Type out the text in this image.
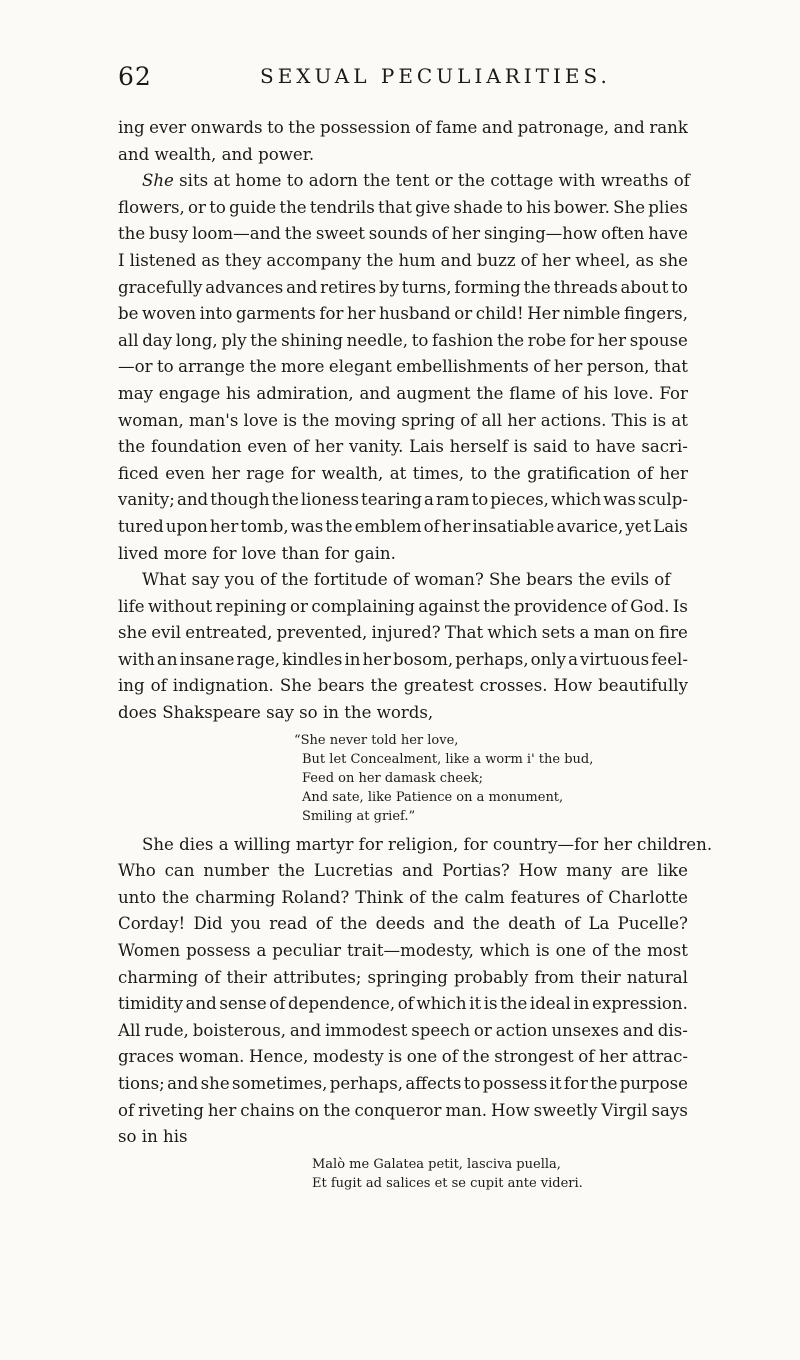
62	SEXUAL PECULIARITIES.
ing ever onwards to the possession of fame and patronage, and rank
and wealth, and power.
She sits at home to adorn the tent or the cottage with wreaths of
flowers, or to guide the tendrils that give shade to his bower. She plies
the busy loom—and the sweet sounds of her singing—how often have
I listened as they accompany the hum and buzz of her wheel, as she
gracefully advances and retires by turns, forming the threads about to
be woven into garments for her husband or child! Her nimble fingers,
all day long, ply the shining needle, to fashion the robe for her spouse
—or to arrange the more elegant embellishments of her person, that
may engage his admiration, and augment the flame of his love. For
woman, man's love is the moving spring of all her actions. This is at
the foundation even of her vanity. Lais herself is said to have sacri-
ficed even her rage for wealth, at times, to the gratification of her
vanity; and though the lioness tearing a ram to pieces, which was sculp-
tured upon her tomb, was the emblem of her insatiable avarice, yet Lais
lived more for love than for gain.
What say you of the fortitude of woman? She bears the evils of
life without repining or complaining against the providence of God. Is
she evil entreated, prevented, injured? That which sets a man on fire
with an insane rage, kindles in her bosom, perhaps, only a virtuous feel-
ing of indignation. She bears the greatest crosses. How beautifully
does Shakspeare say so in the words,
“She never told her love,
But let Concealment, like a worm i' the bud,
Feed on her damask cheek;
And sate, like Patience on a monument,
Smiling at grief.”
She dies a willing martyr for religion, for country—for her children.
Who can number the Lucretias and Portias? How many are like
unto the charming Roland? Think of the calm features of Charlotte
Corday! Did you read of the deeds and the death of La Pucelle?
Women possess a peculiar trait—modesty, which is one of the most
charming of their attributes; springing probably from their natural
timidity and sense of dependence, of which it is the ideal in expression.
All rude, boisterous, and immodest speech or action unsexes and dis-
graces woman. Hence, modesty is one of the strongest of her attrac-
tions; and she sometimes, perhaps, affects to possess it for the purpose
of riveting her chains on the conqueror man. How sweetly Virgil says
so in his
Malò me Galatea petit, lasciva puella,
Et fugit ad salices et se cupit ante videri.
